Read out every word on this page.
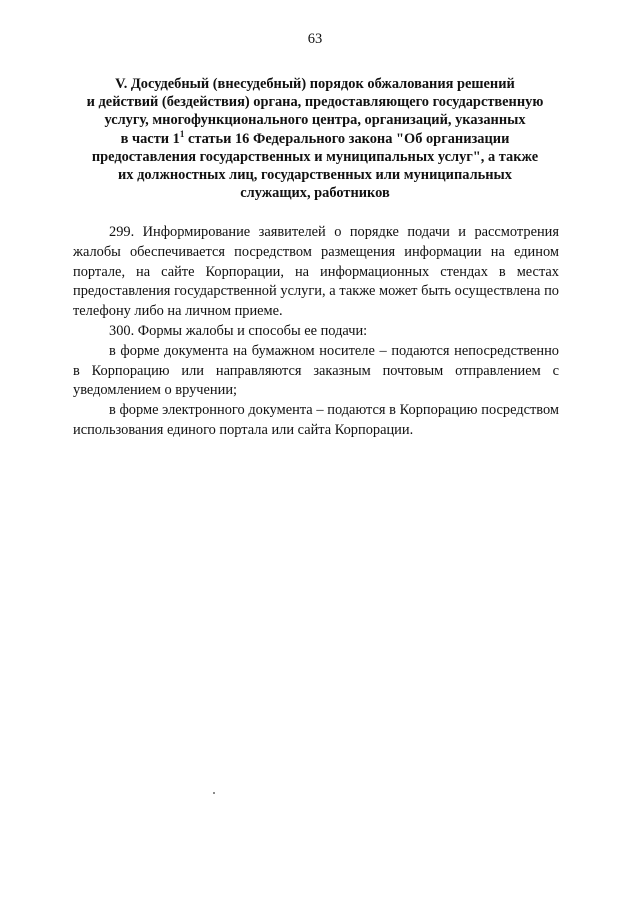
63
V. Досудебный (внесудебный) порядок обжалования решений
и действий (бездействия) органа, предоставляющего государственную
услугу, многофункционального центра, организаций, указанных
в части $1^1$ статьи 16 Федерального закона "Об организации
предоставления государственных и муниципальных услуг", а также
их должностных лиц, государственных или муниципальных
служащих, работников

299. Информирование заявителей о порядке подачи и рассмотрения жалобы обеспечивается посредством размещения информации на едином портале, на сайте Корпорации, на информационных стендах в местах предоставления государственной услуги, а также может быть осуществлена по телефону либо на личном приеме.

300. Формы жалобы и способы ее подачи:

в форме документа на бумажном носителе – подаются непосредственно в Корпорацию или направляются заказным почтовым отправлением с уведомлением о вручении;

в форме электронного документа – подаются в Корпорацию посредством использования единого портала или сайта Корпорации.
